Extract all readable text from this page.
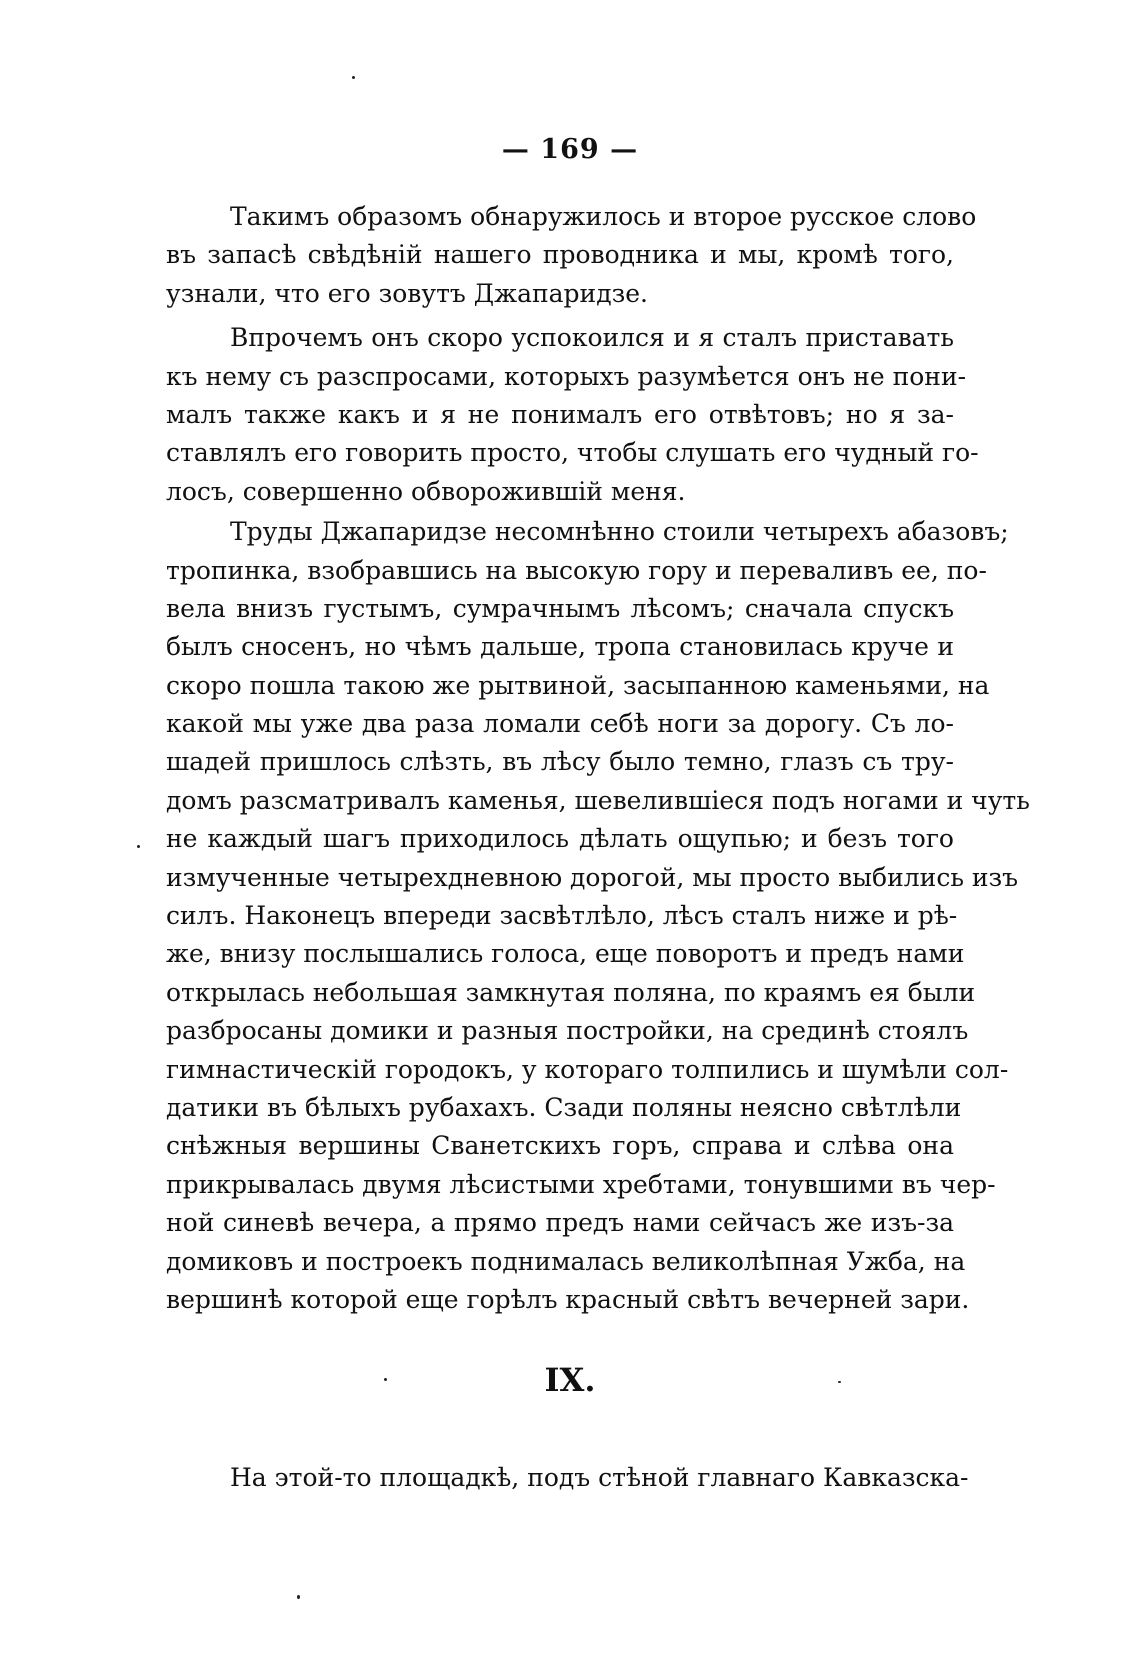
— 169 —
Такимъ образомъ обнаружилось и второе русское слово
въ запасѣ свѣдѣній нашего проводника и мы, кромѣ того,
узнали, что его зовутъ Джапаридзе.
Впрочемъ онъ скоро успокоился и я сталъ приставать
къ нему съ разспросами, которыхъ разумѣется онъ не пони-
малъ также какъ и я не понималъ его отвѣтовъ; но я за-
ставлялъ его говорить просто, чтобы слушать его чудный го-
лосъ, совершенно обворожившій меня.
Труды Джапаридзе несомнѣнно стоили четырехъ абазовъ;
тропинка, взобравшись на высокую гору и переваливъ ее, по-
вела внизъ густымъ, сумрачнымъ лѣсомъ; сначала спускъ
былъ сносенъ, но чѣмъ дальше, тропа становилась круче и
скоро пошла такою же рытвиной, засыпанною каменьями, на
какой мы уже два раза ломали себѣ ноги за дорогу. Съ ло-
шадей пришлось слѣзть, въ лѣсу было темно, глазъ съ тру-
домъ разсматривалъ каменья, шевелившіеся подъ ногами и чуть
не каждый шагъ приходилось дѣлать ощупью; и безъ того
измученные четырехдневною дорогой, мы просто выбились изъ
силъ. Наконецъ впереди засвѣтлѣло, лѣсъ сталъ ниже и рѣ-
же, внизу послышались голоса, еще поворотъ и предъ нами
открылась небольшая замкнутая поляна, по краямъ ея были
разбросаны домики и разныя постройки, на срединѣ стоялъ
гимнастическій городокъ, у котораго толпились и шумѣли сол-
датики въ бѣлыхъ рубахахъ. Сзади поляны неясно свѣтлѣли
снѣжныя вершины Сванетскихъ горъ, справа и слѣва она
прикрывалась двумя лѣсистыми хребтами, тонувшими въ чер-
ной синевѣ вечера, а прямо предъ нами сейчасъ же изъ-за
домиковъ и построекъ поднималась великолѣпная Ужба, на
вершинѣ которой еще горѣлъ красный свѣтъ вечерней зари.
IX.
На этой-то площадкѣ, подъ стѣной главнаго Кавказска-
